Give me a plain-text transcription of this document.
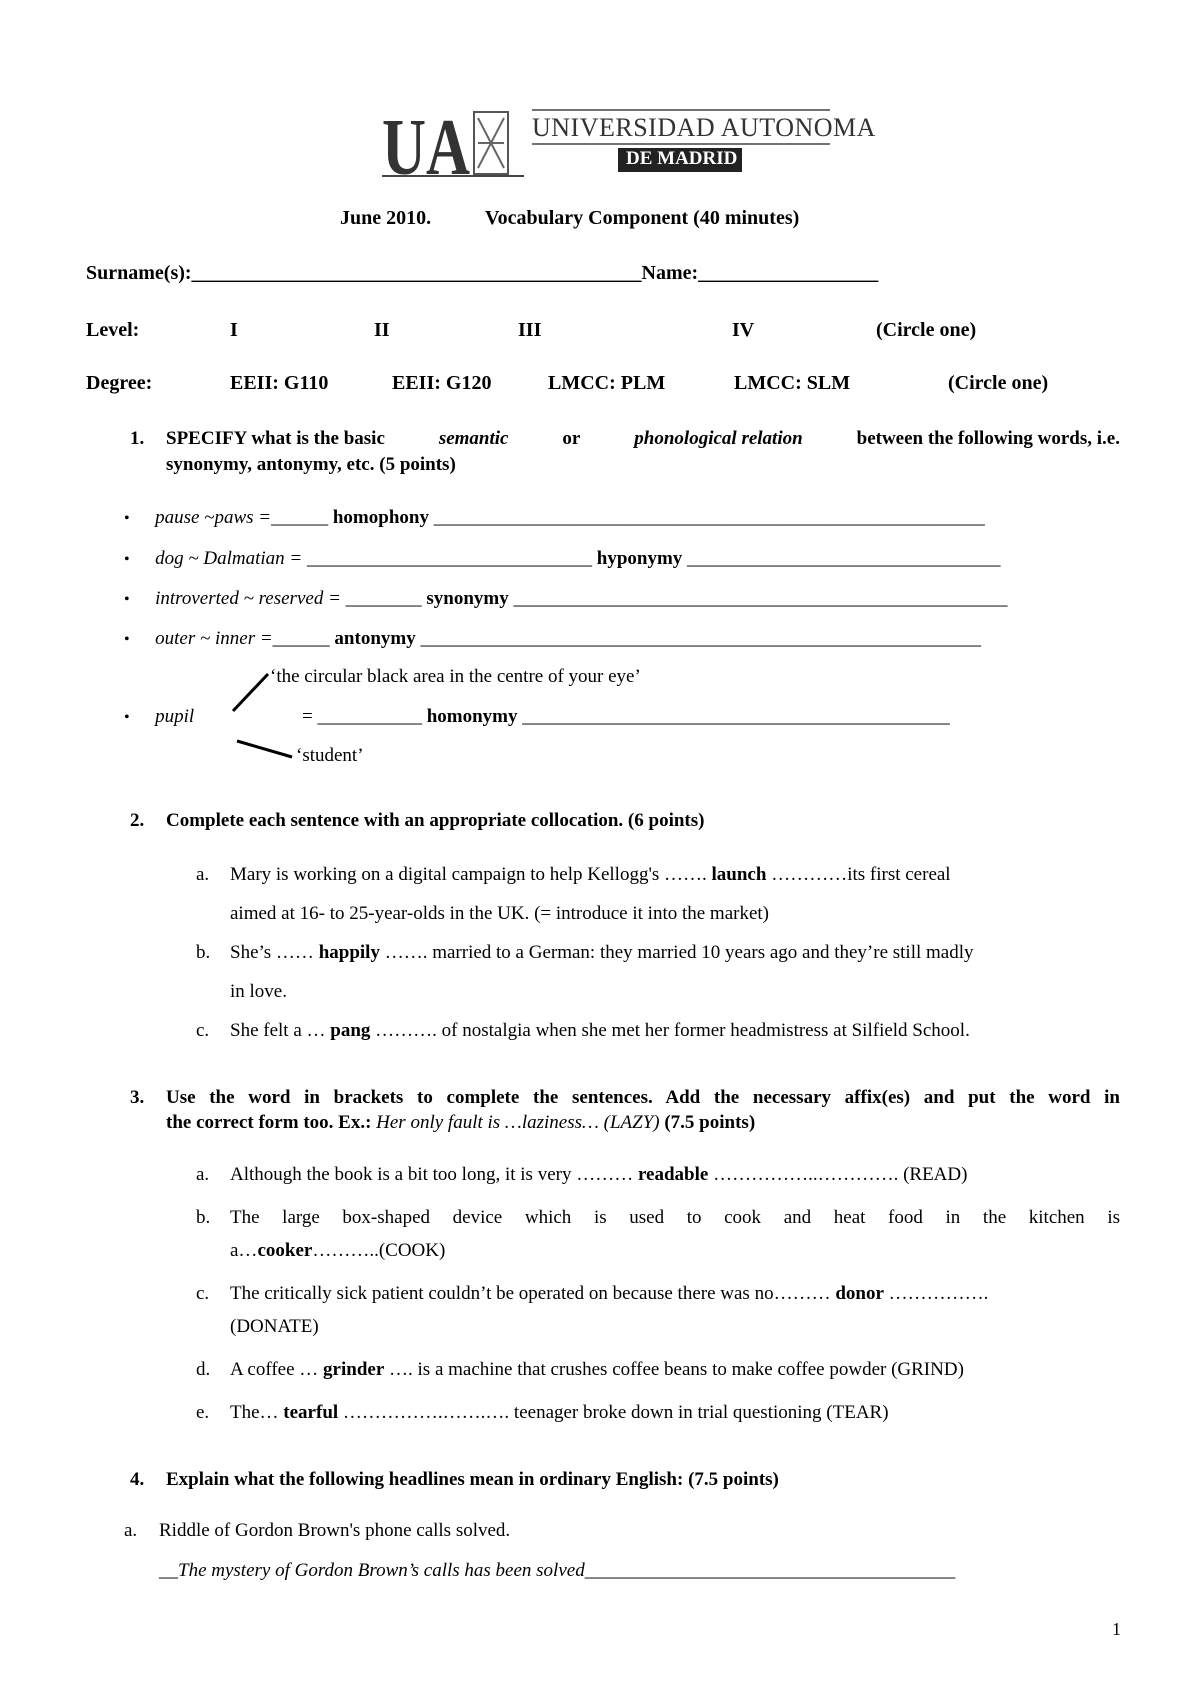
UA UNIVERSIDAD AUTONOMA
DE MADRID
June 2010.	Vocabulary Component (40 minutes)
Surname(s):_____________________________________________Name:__________________
Level:	I	II	III	IV	(Circle one)
Degree:	EEII: G110	EEII: G120	LMCC: PLM	LMCC: SLM	(Circle one)
1. SPECIFY what is the basic	semantic	or	phonological relation	between the following words, i.e.
synonymy, antonymy, etc. (5 points)
• pause ~paws =______ homophony __________________________________________________________
• dog ~ Dalmatian = ______________________________ hyponymy _________________________________
• introverted ~ reserved = ________ synonymy ____________________________________________________
• outer ~ inner =______ antonymy ___________________________________________________________
‘the circular black area in the centre of your eye’
• pupil	= ___________ homonymy _____________________________________________
‘student’
2. Complete each sentence with an appropriate collocation. (6 points)
a. Mary is working on a digital campaign to help Kellogg's ……. launch …………its first cereal
aimed at 16- to 25-year-olds in the UK. (= introduce it into the market)
b. She’s …… happily ……. married to a German: they married 10 years ago and they’re still madly
in love.
c. She felt a … pang ………. of nostalgia when she met her former headmistress at Silfield School.
3. Use the word in brackets to complete the sentences. Add the necessary affix(es) and put the word in
the correct form too. Ex.: Her only fault is …laziness… (LAZY) (7.5 points)
a. Although the book is a bit too long, it is very ……… readable ……………..…………. (READ)
b. The large box-shaped device which is used to cook and heat food in the kitchen is
a…cooker………..(COOK)
c. The critically sick patient couldn’t be operated on because there was no……… donor …………….
(DONATE)
d. A coffee … grinder …. is a machine that crushes coffee beans to make coffee powder (GRIND)
e. The… tearful …………….…….…. teenager broke down in trial questioning (TEAR)
4. Explain what the following headlines mean in ordinary English: (7.5 points)
a. Riddle of Gordon Brown's phone calls solved.
__The mystery of Gordon Brown’s calls has been solved_______________________________________
1
